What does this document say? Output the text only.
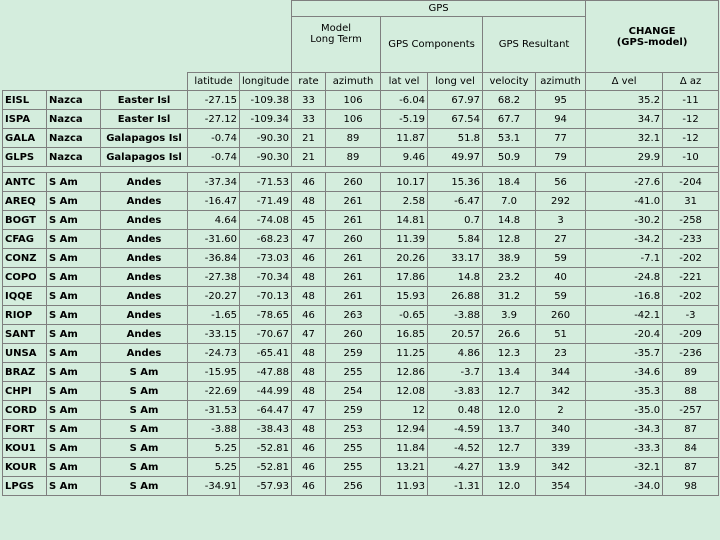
					GPS						CHANGE
(GPS-model)	
					Model
Long Term		GPS Components		GPS Resultant			
			latitude	longitude	rate	azimuth	lat vel	long vel	velocity	azimuth	Δ vel	Δ az
EISL	Nazca	Easter Isl	-27.15	-109.38	33	106	-6.04	67.97	68.2	95	35.2	-11
ISPA	Nazca	Easter Isl	-27.12	-109.34	33	106	-5.19	67.54	67.7	94	34.7	-12
GALA	Nazca	Galapagos Isl	-0.74	-90.30	21	89	11.87	51.8	53.1	77	32.1	-12
GLPS	Nazca	Galapagos Isl	-0.74	-90.30	21	89	9.46	49.97	50.9	79	29.9	-10

ANTC	S Am	Andes	-37.34	-71.53	46	260	10.17	15.36	18.4	56	-27.6	-204
AREQ	S Am	Andes	-16.47	-71.49	48	261	2.58	-6.47	7.0	292	-41.0	31
BOGT	S Am	Andes	4.64	-74.08	45	261	14.81	0.7	14.8	3	-30.2	-258
CFAG	S Am	Andes	-31.60	-68.23	47	260	11.39	5.84	12.8	27	-34.2	-233
CONZ	S Am	Andes	-36.84	-73.03	46	261	20.26	33.17	38.9	59	-7.1	-202
COPO	S Am	Andes	-27.38	-70.34	48	261	17.86	14.8	23.2	40	-24.8	-221
IQQE	S Am	Andes	-20.27	-70.13	48	261	15.93	26.88	31.2	59	-16.8	-202
RIOP	S Am	Andes	-1.65	-78.65	46	263	-0.65	-3.88	3.9	260	-42.1	-3
SANT	S Am	Andes	-33.15	-70.67	47	260	16.85	20.57	26.6	51	-20.4	-209
UNSA	S Am	Andes	-24.73	-65.41	48	259	11.25	4.86	12.3	23	-35.7	-236
BRAZ	S Am	S Am	-15.95	-47.88	48	255	12.86	-3.7	13.4	344	-34.6	89
CHPI	S Am	S Am	-22.69	-44.99	48	254	12.08	-3.83	12.7	342	-35.3	88
CORD	S Am	S Am	-31.53	-64.47	47	259	12	0.48	12.0	2	-35.0	-257
FORT	S Am	S Am	-3.88	-38.43	48	253	12.94	-4.59	13.7	340	-34.3	87
KOU1	S Am	S Am	5.25	-52.81	46	255	11.84	-4.52	12.7	339	-33.3	84
KOUR	S Am	S Am	5.25	-52.81	46	255	13.21	-4.27	13.9	342	-32.1	87
LPGS	S Am	S Am	-34.91	-57.93	46	256	11.93	-1.31	12.0	354	-34.0	98
